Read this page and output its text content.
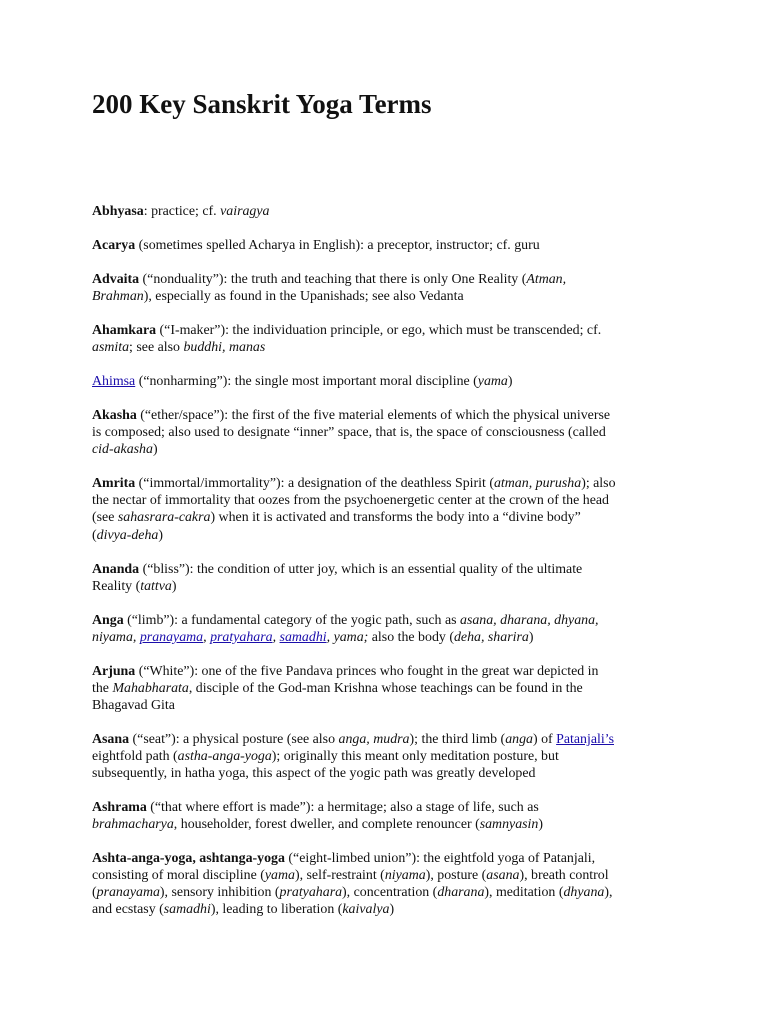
200 Key Sanskrit Yoga Terms

Abhyasa: practice; cf. vairagya

Acarya (sometimes spelled Acharya in English): a preceptor, instructor; cf. guru

Advaita (“nonduality”): the truth and teaching that there is only One Reality (Atman,
Brahman), especially as found in the Upanishads; see also Vedanta

Ahamkara (“I-maker”): the individuation principle, or ego, which must be transcended; cf.
asmita; see also buddhi, manas

Ahimsa (“nonharming”): the single most important moral discipline (yama)

Akasha (“ether/space”): the first of the five material elements of which the physical universe
is composed; also used to designate “inner” space, that is, the space of consciousness (called
cid-akasha)

Amrita (“immortal/immortality”): a designation of the deathless Spirit (atman, purusha); also
the nectar of immortality that oozes from the psychoenergetic center at the crown of the head
(see sahasrara-cakra) when it is activated and transforms the body into a “divine body”
(divya-deha)

Ananda (“bliss”): the condition of utter joy, which is an essential quality of the ultimate
Reality (tattva)

Anga (“limb”): a fundamental category of the yogic path, such as asana, dharana, dhyana,
niyama, pranayama, pratyahara, samadhi, yama; also the body (deha, sharira)

Arjuna (“White”): one of the five Pandava princes who fought in the great war depicted in
the Mahabharata, disciple of the God-man Krishna whose teachings can be found in the
Bhagavad Gita

Asana (“seat”): a physical posture (see also anga, mudra); the third limb (anga) of Patanjali’s
eightfold path (astha-anga-yoga); originally this meant only meditation posture, but
subsequently, in hatha yoga, this aspect of the yogic path was greatly developed

Ashrama (“that where effort is made”): a hermitage; also a stage of life, such as
brahmacharya, householder, forest dweller, and complete renouncer (samnyasin)

Ashta-anga-yoga, ashtanga-yoga (“eight-limbed union”): the eightfold yoga of Patanjali,
consisting of moral discipline (yama), self-restraint (niyama), posture (asana), breath control
(pranayama), sensory inhibition (pratyahara), concentration (dharana), meditation (dhyana),
and ecstasy (samadhi), leading to liberation (kaivalya)
